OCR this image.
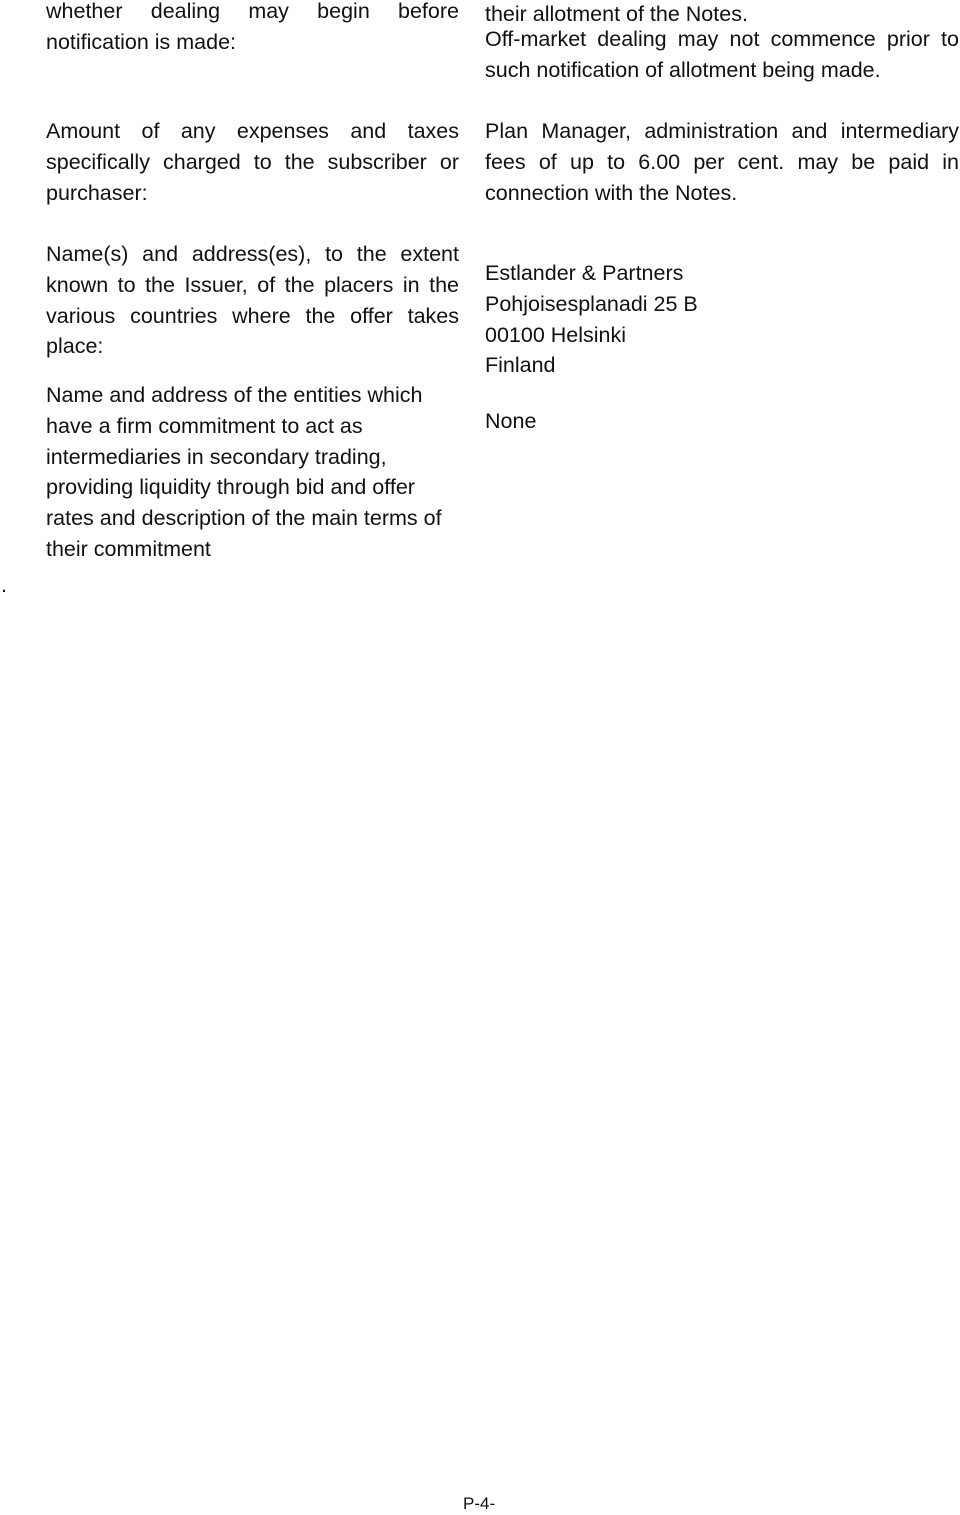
whether dealing may begin before
notification is made:
their allotment of the Notes.
Off-market dealing may not commence prior to
such notification of allotment being made.
Amount of any expenses and taxes
specifically charged to the subscriber or
purchaser:
Plan Manager, administration and intermediary
fees of up to 6.00 per cent. may be paid in
connection with the Notes.
Name(s) and address(es), to the extent
known to the Issuer, of the placers in the
various countries where the offer takes
place:
Estlander & Partners
Pohjoisesplanadi 25 B
00100 Helsinki
Finland
Name and address of the entities which
have a firm commitment to act as
intermediaries in secondary trading,
providing liquidity through bid and offer
rates and description of the main terms of
their commitment
None
.
P-4-
